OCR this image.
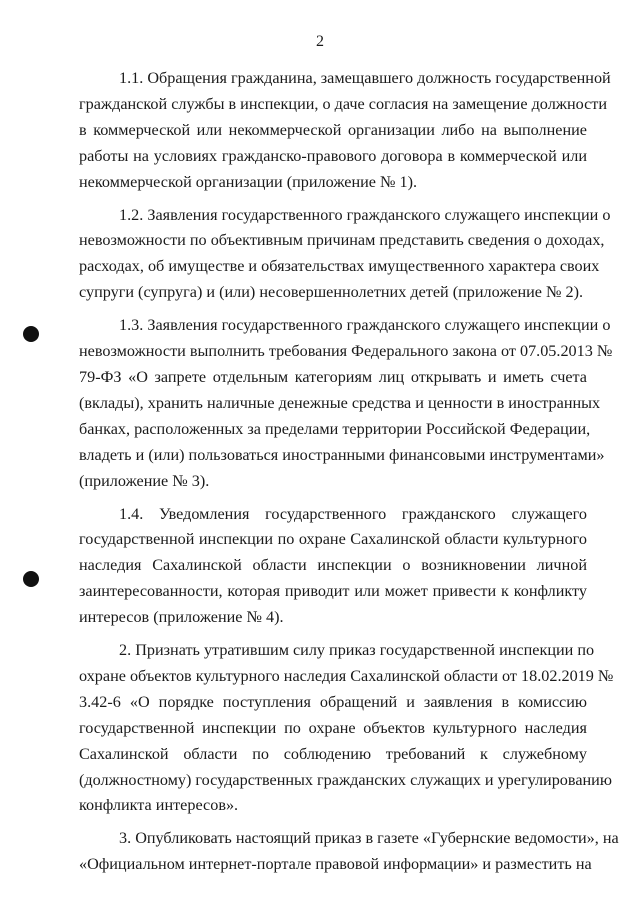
2
1.1. Обращения гражданина, замещавшего должность государственной
гражданской службы в инспекции, о даче согласия на замещение должности
в коммерческой или некоммерческой организации либо на выполнение
работы на условиях гражданско-правового договора в коммерческой или
некоммерческой организации (приложение № 1).
1.2. Заявления государственного гражданского служащего инспекции о
невозможности по объективным причинам представить сведения о доходах,
расходах, об имуществе и обязательствах имущественного характера своих
супруги (супруга) и (или) несовершеннолетних детей (приложение № 2).
1.3. Заявления государственного гражданского служащего инспекции о
невозможности выполнить требования Федерального закона от 07.05.2013 №
79-ФЗ «О запрете отдельным категориям лиц открывать и иметь счета
(вклады), хранить наличные денежные средства и ценности в иностранных
банках, расположенных за пределами территории Российской Федерации,
владеть и (или) пользоваться иностранными финансовыми инструментами»
(приложение № 3).
1.4. Уведомления государственного гражданского служащего
государственной инспекции по охране Сахалинской области культурного
наследия Сахалинской области инспекции о возникновении личной
заинтересованности, которая приводит или может привести к конфликту
интересов (приложение № 4).
2. Признать утратившим силу приказ государственной инспекции по
охране объектов культурного наследия Сахалинской области от 18.02.2019 №
3.42-6 «О порядке поступления обращений и заявления в комиссию
государственной инспекции по охране объектов культурного наследия
Сахалинской области по соблюдению требований к служебному
(должностному) государственных гражданских служащих и урегулированию
конфликта интересов».
3. Опубликовать настоящий приказ в газете «Губернские ведомости», на
«Официальном интернет-портале правовой информации» и разместить на
